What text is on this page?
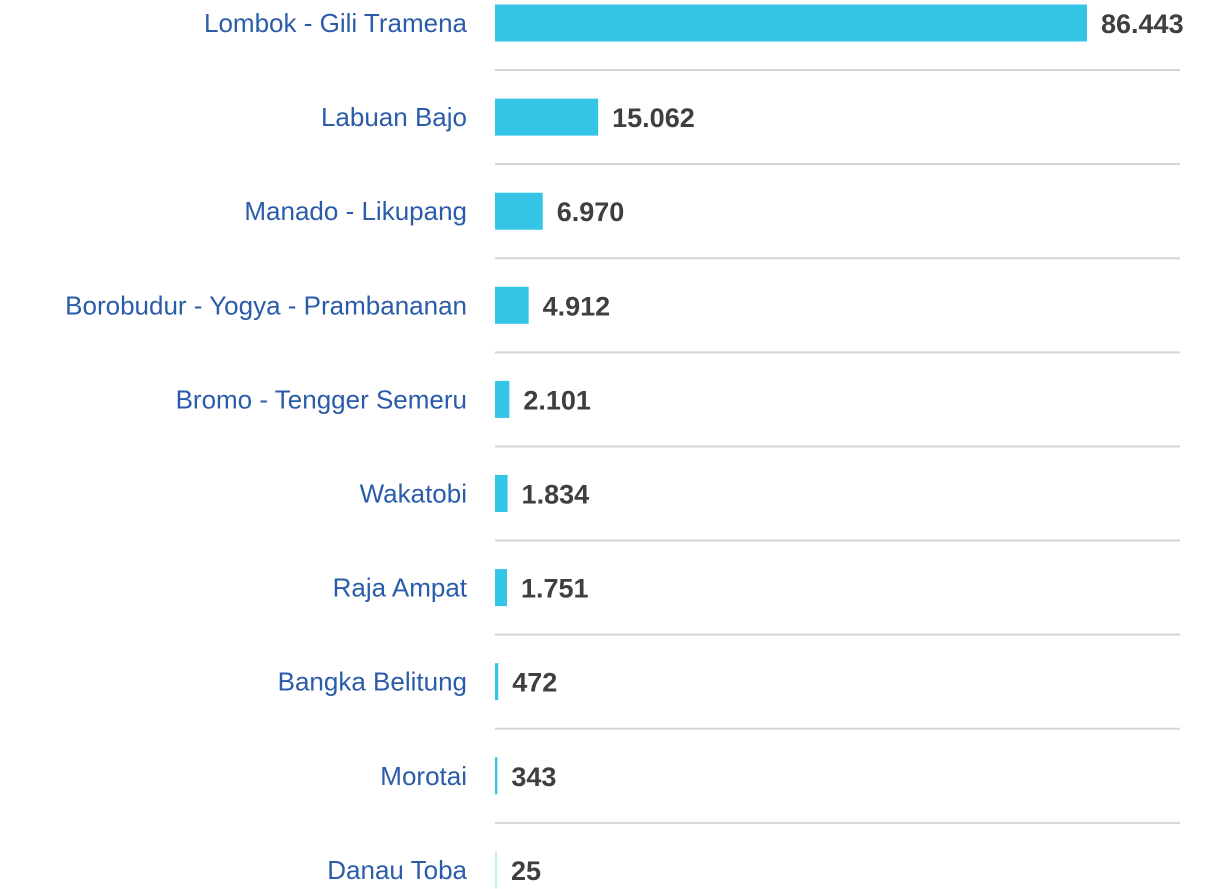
Lombok - Gili Tramena	86.443
Labuan Bajo	15.062
Manado - Likupang	6.970
Borobudur - Yogya - Prambananan	4.912
Bromo - Tengger Semeru 2.101
Wakatobi 1.834
Raja Ampat 1.751
Bangka Belitung 472
Morotai 343
Danau Toba 25
